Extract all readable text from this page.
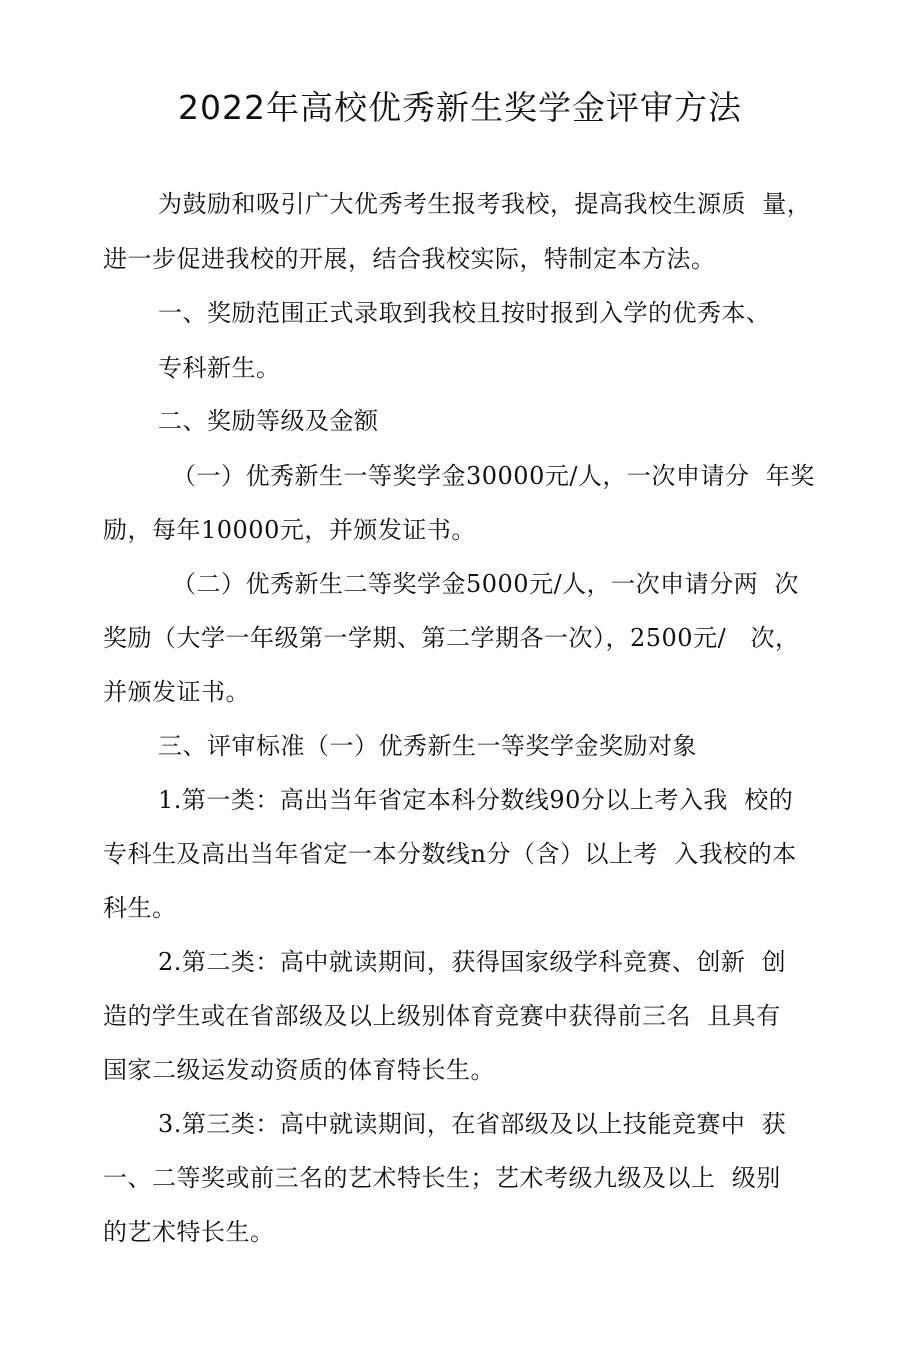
2022年高校优秀新生奖学金评审方法
为鼓励和吸引广大优秀考生报考我校，提高我校生源质  量，
进一步促进我校的开展，结合我校实际，特制定本方法。
一、奖励范围正式录取到我校且按时报到入学的优秀本、
专科新生。
二、奖励等级及金额
（一）优秀新生一等奖学金30000元/人，一次申请分  年奖
励，每年10000元，并颁发证书。
（二）优秀新生二等奖学金5000元/人，一次申请分两  次
奖励（大学一年级第一学期、第二学期各一次），2500元/   次，
并颁发证书。
三、评审标准（一）优秀新生一等奖学金奖励对象
1.第一类：高出当年省定本科分数线90分以上考入我  校的
专科生及高出当年省定一本分数线n分（含）以上考  入我校的本
科生。
2.第二类：高中就读期间，获得国家级学科竞赛、创新  创
造的学生或在省部级及以上级别体育竞赛中获得前三名  且具有
国家二级运发动资质的体育特长生。
3.第三类：高中就读期间，在省部级及以上技能竞赛中  获
一、二等奖或前三名的艺术特长生；艺术考级九级及以上  级别
的艺术特长生。
